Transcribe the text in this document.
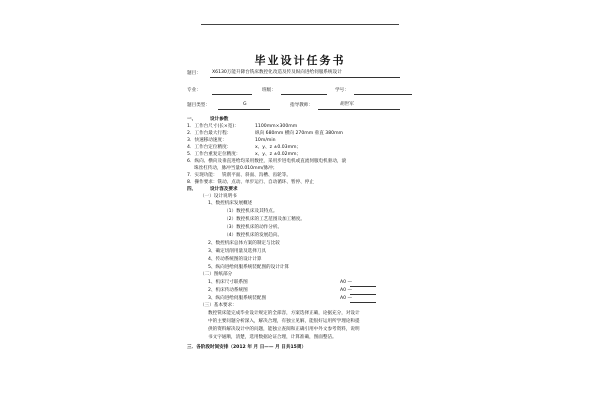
毕业设计任务书
题目： X6130万能升降台铣床数控化改造及传及纵向进给伺服系统设计
专业：	班级：	学号：
题目类型：	G	指导教师：	胡世军
一、	设计参数
1．工作台尺寸(长×宽)：	1100mm×300mm
2．工作台最大行程：	纵向 680mm 横向 270mm 垂直 380mm
3．快速移动速度：	10m/min
4．工作台定位精度：	x、y、z ±0.03mm；
5．工作台重复定位精度：	x、y、z ±0.02mm；
6．纵向、横向及垂直进给均采用数控，采用步进电机或直流伺服电机驱动，滚
珠丝杠传动，脉冲当量0.010mm/脉冲；
7．实现功能： 铣削平面、斜面、沟槽、齿轮等。
8．操作要求：铣动、点动、单步运行、自动循环、暂停、停止
四、	设计容及要求
（一）设计说明书
1、数控机床发展概述
（1）数控机床及其特点。
（2）数控机床的工艺范围及加工精度。
（3）数控机床的动作分析。
（4）数控机床的发展趋向。
2、数控机床总体方案的制定与比较
3、确定切削用量及选择刀具
4、传动系统图的设计计算
5、纵向进给伺服系统装配图的设计计算
（二）图纸部分
1、机床尺寸联系图	A0 —
2、机床传动系统图	A0 —
3、纵向进给伺服系统装配图	A0 —
（三）基本要求：
数控铣床能完成毕业设计规定的全部容，方案选择正确，论据充分，对设计
中的主要问题分析深入，解决合理，有独立见解，能很好运用所学理论和提
供的资料解决设计中的问题，能独立查阅和正确引用中外文参考资料，说明
书文字通顺，清楚，选用数据论证合理，计算准确，图面整洁。
三．各阶段时间安排（2012 年 月 日—— 月 日共15周）
